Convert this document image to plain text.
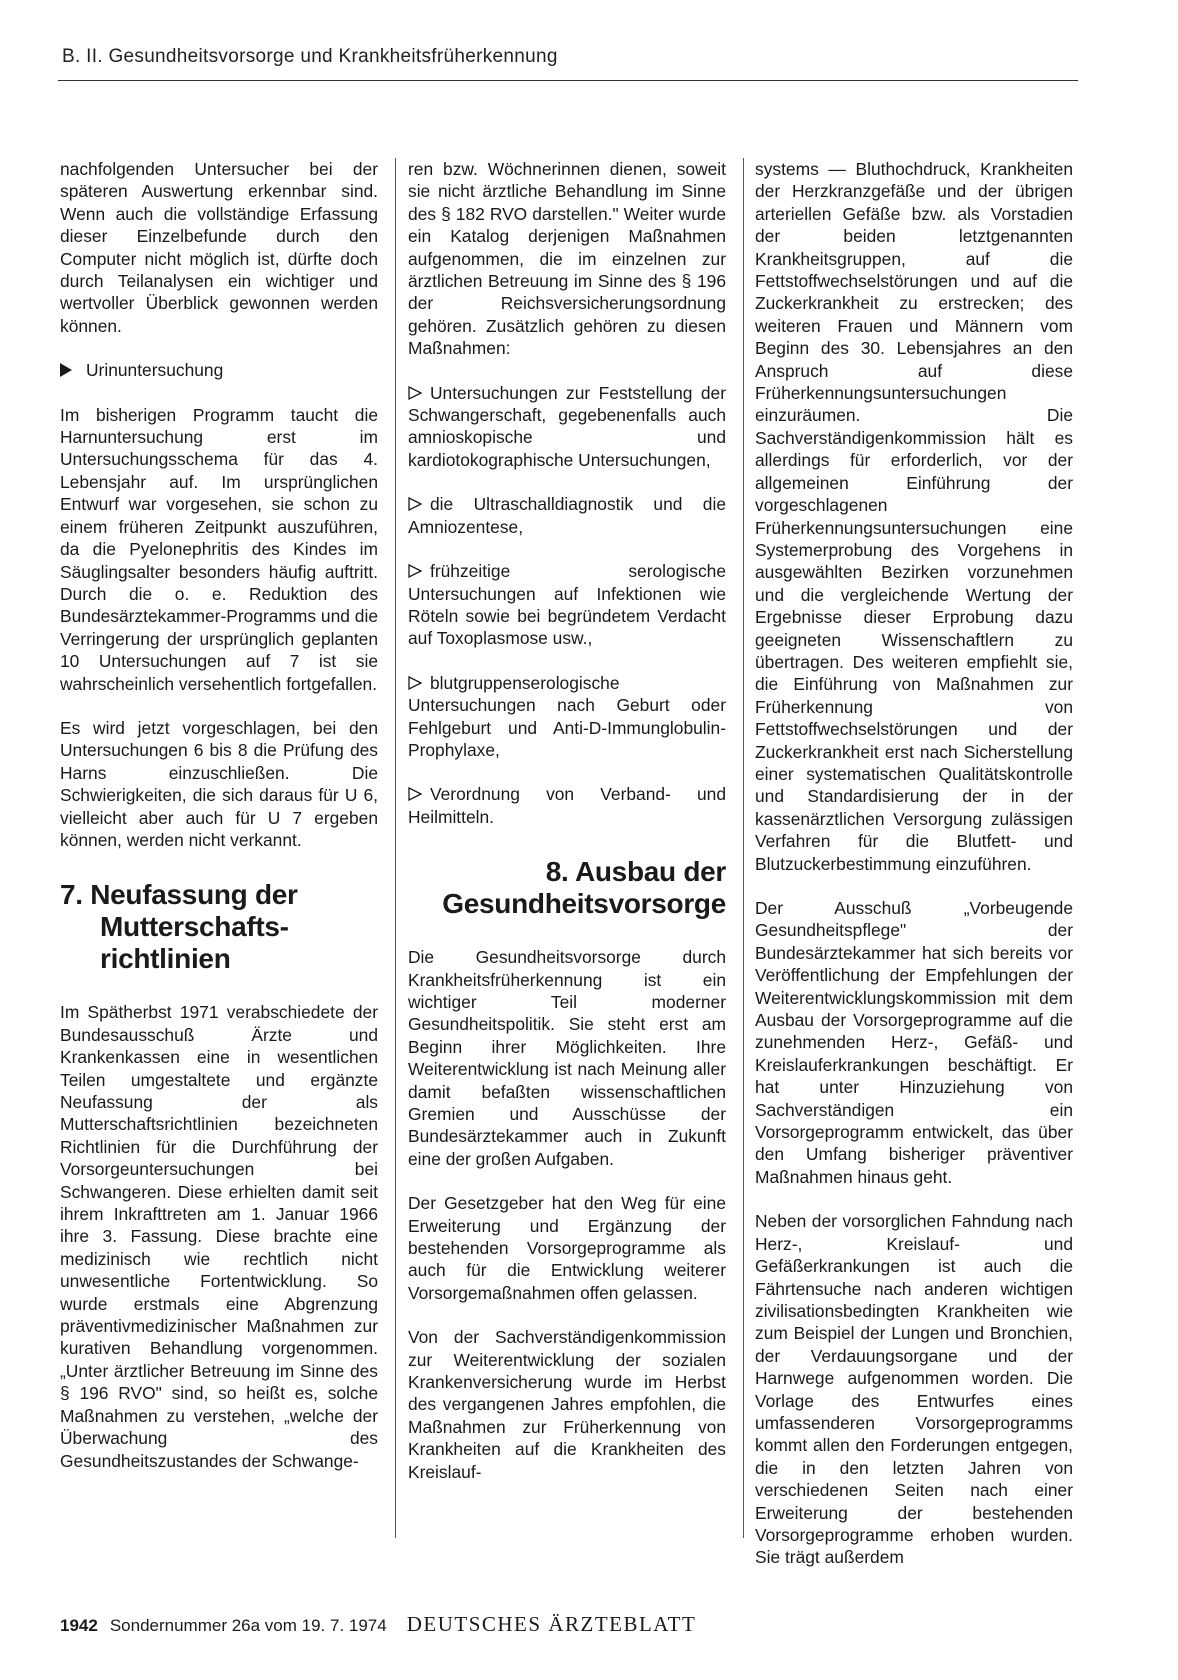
B. II. Gesundheitsvorsorge und Krankheitsfrüherkennung

nachfolgenden Untersucher bei der späteren Auswertung erkennbar sind. Wenn auch die vollständige Erfassung dieser Einzelbefunde durch den Computer nicht möglich ist, dürfte doch durch Teilanalysen ein wichtiger und wertvoller Überblick gewonnen werden können.

Urinuntersuchung

Im bisherigen Programm taucht die Harnuntersuchung erst im Untersuchungsschema für das 4. Lebensjahr auf. Im ursprünglichen Entwurf war vorgesehen, sie schon zu einem früheren Zeitpunkt auszuführen, da die Pyelonephritis des Kindes im Säuglingsalter besonders häufig auftritt. Durch die o. e. Reduktion des Bundesärztekammer-Programms und die Verringerung der ursprünglich geplanten 10 Untersuchungen auf 7 ist sie wahrscheinlich versehentlich fortgefallen.

Es wird jetzt vorgeschlagen, bei den Untersuchungen 6 bis 8 die Prüfung des Harns einzuschließen. Die Schwierigkeiten, die sich daraus für U 6, vielleicht aber auch für U 7 ergeben können, werden nicht verkannt.

7. Neufassung der Mutterschafts-richtlinien

Im Spätherbst 1971 verabschiedete der Bundesausschuß Ärzte und Krankenkassen eine in wesentlichen Teilen umgestaltete und ergänzte Neufassung der als Mutterschaftsrichtlinien bezeichneten Richtlinien für die Durchführung der Vorsorgeuntersuchungen bei Schwangeren. Diese erhielten damit seit ihrem Inkrafttreten am 1. Januar 1966 ihre 3. Fassung. Diese brachte eine medizinisch wie rechtlich nicht unwesentliche Fortentwicklung. So wurde erstmals eine Abgrenzung präventivmedizinischer Maßnahmen zur kurativen Behandlung vorgenommen. „Unter ärztlicher Betreuung im Sinne des § 196 RVO" sind, so heißt es, solche Maßnahmen zu verstehen, „welche der Überwachung des Gesundheitszustandes der Schwange-

ren bzw. Wöchnerinnen dienen, soweit sie nicht ärztliche Behandlung im Sinne des § 182 RVO darstellen." Weiter wurde ein Katalog derjenigen Maßnahmen aufgenommen, die im einzelnen zur ärztlichen Betreuung im Sinne des § 196 der Reichsversicherungsordnung gehören. Zusätzlich gehören zu diesen Maßnahmen:

Untersuchungen zur Feststellung der Schwangerschaft, gegebenenfalls auch amnioskopische und kardiotokographische Untersuchungen,
die Ultraschalldiagnostik und die Amniozentese,
frühzeitige serologische Untersuchungen auf Infektionen wie Röteln sowie bei begründetem Verdacht auf Toxoplasmose usw.,
blutgruppenserologische Untersuchungen nach Geburt oder Fehlgeburt und Anti-D-Immunglobulin-Prophylaxe,
Verordnung von Verband- und Heilmitteln.
8. Ausbau der Gesundheitsvorsorge

Die Gesundheitsvorsorge durch Krankheitsfrüherkennung ist ein wichtiger Teil moderner Gesundheitspolitik. Sie steht erst am Beginn ihrer Möglichkeiten. Ihre Weiterentwicklung ist nach Meinung aller damit befaßten wissenschaftlichen Gremien und Ausschüsse der Bundesärztekammer auch in Zukunft eine der großen Aufgaben.

Der Gesetzgeber hat den Weg für eine Erweiterung und Ergänzung der bestehenden Vorsorgeprogramme als auch für die Entwicklung weiterer Vorsorgemaßnahmen offen gelassen.

Von der Sachverständigenkommission zur Weiterentwicklung der sozialen Krankenversicherung wurde im Herbst des vergangenen Jahres empfohlen, die Maßnahmen zur Früherkennung von Krankheiten auf die Krankheiten des Kreislauf-

systems — Bluthochdruck, Krankheiten der Herzkranzgefäße und der übrigen arteriellen Gefäße bzw. als Vorstadien der beiden letztgenannten Krankheitsgruppen, auf die Fettstoffwechselstörungen und auf die Zuckerkrankheit zu erstrecken; des weiteren Frauen und Männern vom Beginn des 30. Lebensjahres an den Anspruch auf diese Früherkennungsuntersuchungen einzuräumen. Die Sachverständigenkommission hält es allerdings für erforderlich, vor der allgemeinen Einführung der vorgeschlagenen Früherkennungsuntersuchungen eine Systemerprobung des Vorgehens in ausgewählten Bezirken vorzunehmen und die vergleichende Wertung der Ergebnisse dieser Erprobung dazu geeigneten Wissenschaftlern zu übertragen. Des weiteren empfiehlt sie, die Einführung von Maßnahmen zur Früherkennung von Fettstoffwechselstörungen und der Zuckerkrankheit erst nach Sicherstellung einer systematischen Qualitätskontrolle und Standardisierung der in der kassenärztlichen Versorgung zulässigen Verfahren für die Blutfett- und Blutzuckerbestimmung einzuführen.

Der Ausschuß „Vorbeugende Gesundheitspflege" der Bundesärztekammer hat sich bereits vor Veröffentlichung der Empfehlungen der Weiterentwicklungskommission mit dem Ausbau der Vorsorgeprogramme auf die zunehmenden Herz-, Gefäß- und Kreislauferkrankungen beschäftigt. Er hat unter Hinzuziehung von Sachverständigen ein Vorsorgeprogramm entwickelt, das über den Umfang bisheriger präventiver Maßnahmen hinaus geht.

Neben der vorsorglichen Fahndung nach Herz-, Kreislauf- und Gefäßerkrankungen ist auch die Fährtensuche nach anderen wichtigen zivilisationsbedingten Krankheiten wie zum Beispiel der Lungen und Bronchien, der Verdauungsorgane und der Harnwege aufgenommen worden. Die Vorlage des Entwurfes eines umfassenderen Vorsorgeprogramms kommt allen den Forderungen entgegen, die in den letzten Jahren von verschiedenen Seiten nach einer Erweiterung der bestehenden Vorsorgeprogramme erhoben wurden. Sie trägt außerdem

1942 Sondernummer 26a vom 19. 7. 1974 DEUTSCHES ÄRZTEBLATT
